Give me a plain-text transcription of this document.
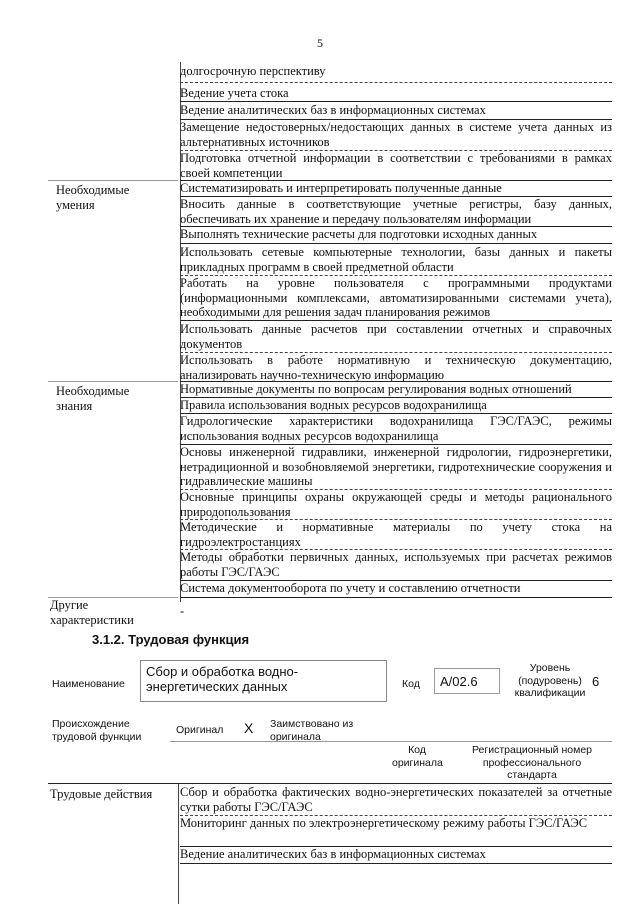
5
долгосрочную перспективу
Ведение учета стока
Ведение аналитических баз в информационных системах
Замещение недостоверных/недостающих данных в системе учета данных из альтернативных источников
Подготовка отчетной информации в соответствии с требованиями в рамках своей компетенции
Необходимые
умения
Систематизировать и интерпретировать полученные данные
Вносить данные в соответствующие учетные регистры, базу данных, обеспечивать их хранение и передачу пользователям информации
Выполнять технические расчеты для подготовки исходных данных
Использовать сетевые компьютерные технологии, базы данных и пакеты прикладных программ в своей предметной области
Работать на уровне пользователя с программными продуктами (информационными комплексами, автоматизированными системами учета), необходимыми для решения задач планирования режимов
Использовать данные расчетов при составлении отчетных и справочных документов
Использовать в работе нормативную и техническую документацию, анализировать научно-техническую информацию
Необходимые
знания
Нормативные документы по вопросам регулирования водных отношений
Правила использования водных ресурсов водохранилища
Гидрологические характеристики водохранилища ГЭС/ГАЭС, режимы использования водных ресурсов водохранилища
Основы инженерной гидравлики, инженерной гидрологии, гидроэнергетики, нетрадиционной и возобновляемой энергетики, гидротехнические сооружения и гидравлические машины
Основные принципы охраны окружающей среды и методы рационального природопользования
Методические и нормативные материалы по учету стока на гидроэлектростанциях
Методы обработки первичных данных, используемых при расчетах режимов работы ГЭС/ГАЭС
Система документооборота по учету и составлению отчетности
Другие
характеристики
-
3.1.2. Трудовая функция
Наименование
Сбор и обработка водно-энергетических данных	Код А/02.6
Уровень (подуровень) квалификации
6
Происхождение трудовой функции
Оригинал X Заимствовано из оригинала
Код оригинала
Регистрационный номер профессионального стандарта
Трудовые действия Сбор и обработка фактических водно-энергетических показателей за отчетные сутки работы ГЭС/ГАЭС
Мониторинг данных по электроэнергетическому режиму работы ГЭС/ГАЭС
Ведение аналитических баз в информационных системах
